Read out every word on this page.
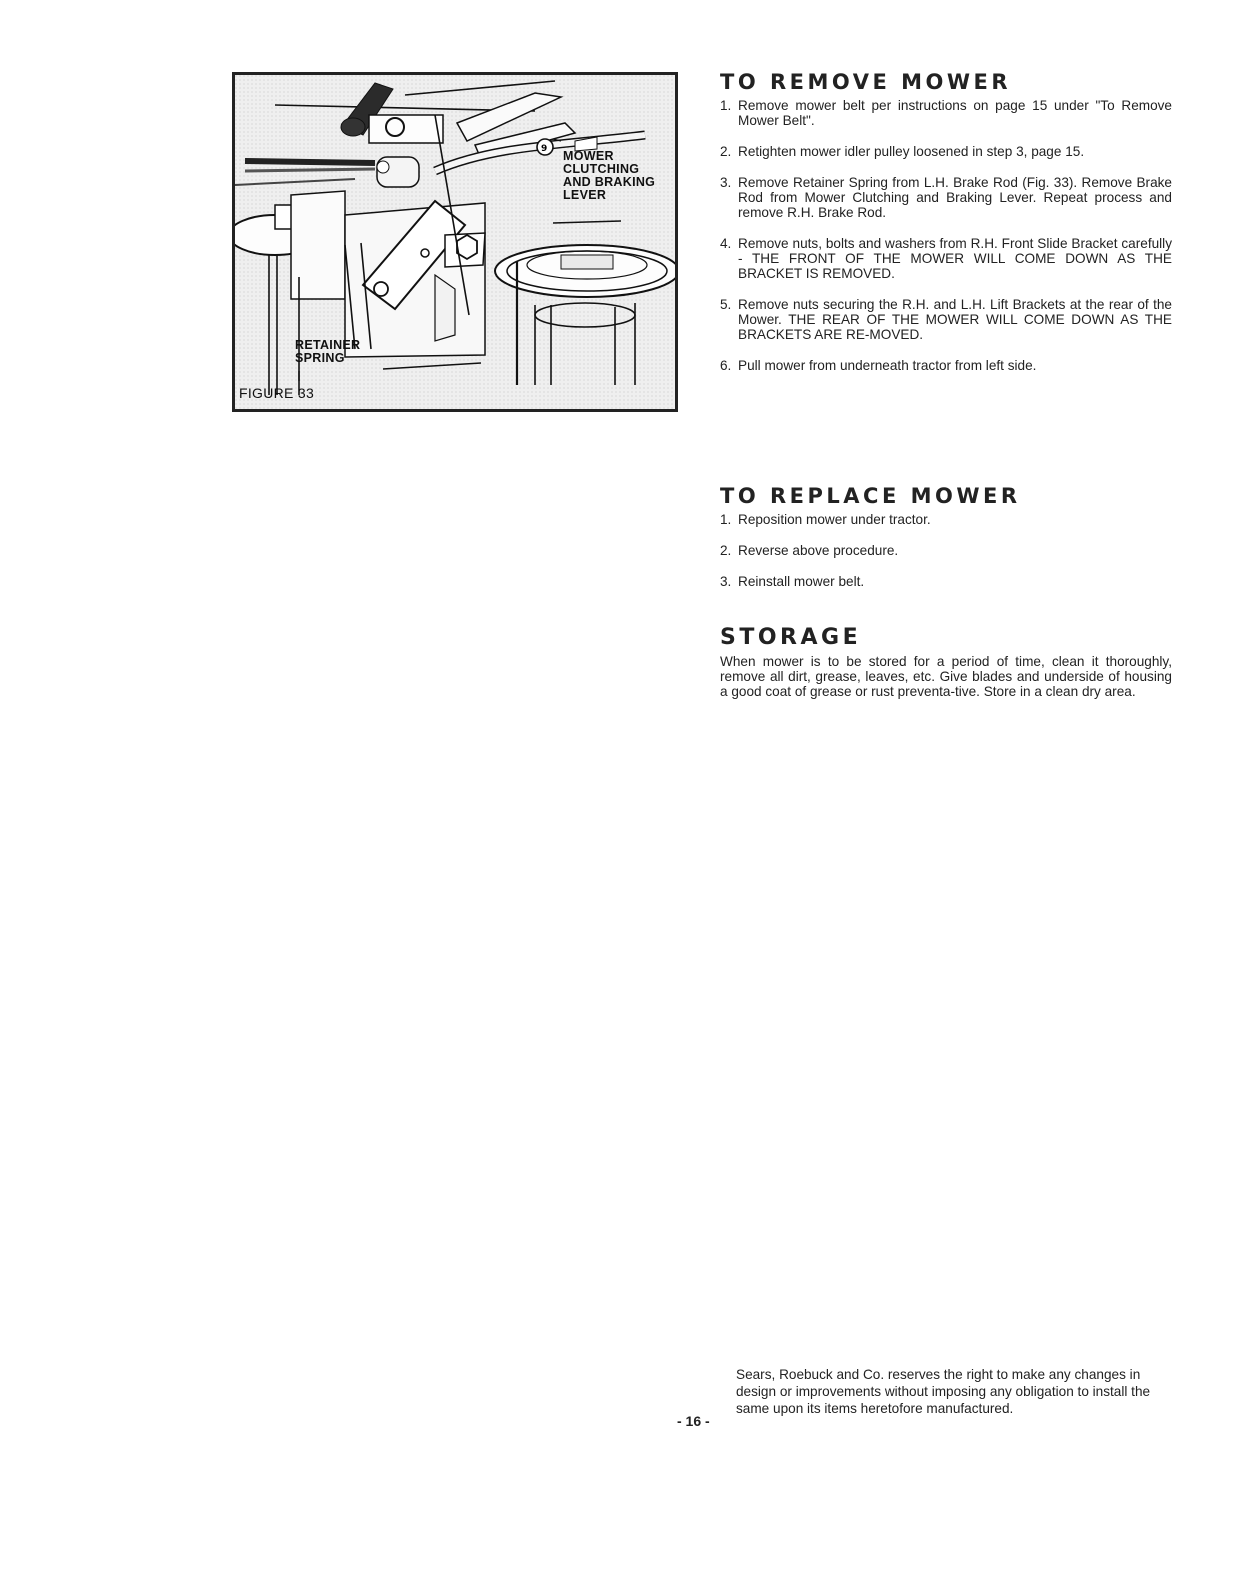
9 MOWER
CLUTCHING
AND BRAKING
LEVER
RETAINER
SPRING
FIGURE 33
TO REMOVE MOWER
1. Remove mower belt per instructions on page 15 under "To Remove Mower Belt".
2. Retighten mower idler pulley loosened in step 3, page 15.
3. Remove Retainer Spring from L.H. Brake Rod (Fig. 33). Remove Brake Rod from Mower Clutching and Braking Lever. Repeat process and remove R.H. Brake Rod.
4. Remove nuts, bolts and washers from R.H. Front Slide Bracket carefully - THE FRONT OF THE MOWER WILL COME DOWN AS THE BRACKET IS REMOVED.
5. Remove nuts securing the R.H. and L.H. Lift Brackets at the rear of the Mower. THE REAR OF THE MOWER WILL COME DOWN AS THE BRACKETS ARE RE-MOVED.
6. Pull mower from underneath tractor from left side.
TO REPLACE MOWER
1. Reposition mower under tractor.
2. Reverse above procedure.
3. Reinstall mower belt.
STORAGE

When mower is to be stored for a period of time, clean it thoroughly, remove all dirt, grease, leaves, etc. Give blades and underside of housing a good coat of grease or rust preventa-tive. Store in a clean dry area.

Sears, Roebuck and Co. reserves the right to make any changes in design or improvements without imposing any obligation to install the same upon its items heretofore manufactured.
- 16 -
